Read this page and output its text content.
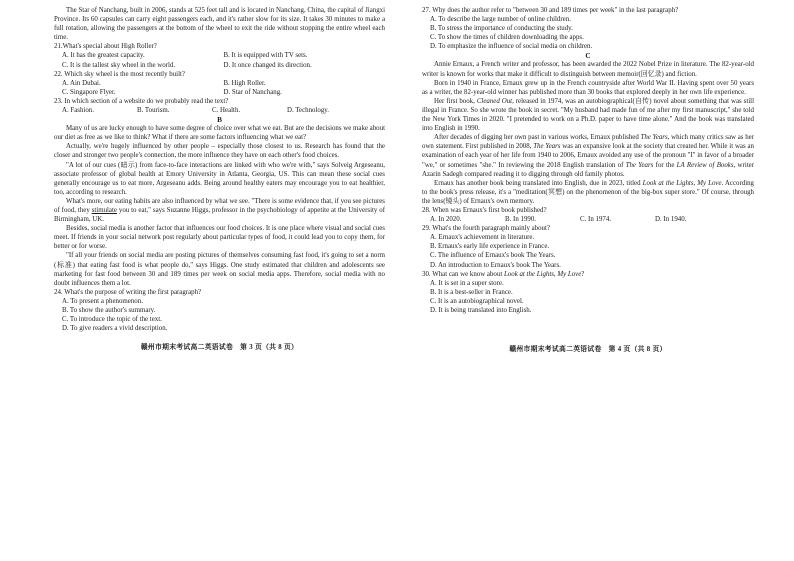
The Star of Nanchang, built in 2006, stands at 525 feet tall and is located in Nanchang, China, the capital of Jiangxi Province. Its 60 capsules can carry eight passengers each, and it's rather slow for its size. It takes 30 minutes to make a full rotation, allowing the passengers at the bottom of the wheel to exit the ride without stopping the entire wheel each time.

21.What's special about High Roller?

A. It has the greatest capacity.	B. It is equipped with TV sets.
C. It is the tallest sky wheel in the world.	D. It once changed its direction.

22. Which sky wheel is the most recently built?

A. Ain Dubai.	B. High Roller.
C. Singapore Flyer.	D. Star of Nanchang.

23. In which section of a website do we probably read the text?

A. Fashion.	B. Tourism.	C. Health.	D. Technology.

B

Many of us are lucky enough to have some degree of choice over what we eat. But are the decisions we make about our diet as free as we like to think? What if there are some factors influencing what we eat?

Actually, we're hugely influenced by other people – especially those closest to us. Research has found that the closer and stronger two people's connection, the more influence they have on each other's food choices.

"A lot of our cues (暗示) from face-to-face interactions are linked with who we're with," says Solveig Argeseanu, associate professor of global health at Emory University in Atlanta, Georgia, US. This can mean these social cues generally encourage us to eat more, Argeseanu adds. Being around healthy eaters may encourage you to eat healthier, too, according to research.

What's more, our eating habits are also influenced by what we see. "There is some evidence that, if you see pictures of food, they stimulate you to eat," says Suzanne Higgs, professor in the psychobiology of appetite at the University of Birmingham, UK.

Besides, social media is another factor that influences our food choices. It is one place where visual and social cues meet. If friends in your social network post regularly about particular types of food, it could lead you to copy them, for better or for worse.

"If all your friends on social media are posting pictures of themselves consuming fast food, it's going to set a norm (标准) that eating fast food is what people do," says Higgs. One study estimated that children and adolescents see marketing for fast food between 30 and 189 times per week on social media apps. Therefore, social media with no doubt influences them a lot.

24. What's the purpose of writing the first paragraph?

A. To present a phenomenon.

B. To show the author's summary.

C. To introduce the topic of the text.

D. To give readers a vivid description.

赣州市期末考试高二英语试卷　第 3 页（共 8 页）

27. Why does the author refer to "between 30 and 189 times per week" in the last paragraph?

A. To describe the large number of online children.

B. To stress the importance of conducting the study.

C. To show the times of children downloading the apps.

D. To emphasize the influence of social media on children.

C

Annie Ernaux, a French writer and professor, has been awarded the 2022 Nobel Prize in literature. The 82-year-old writer is known for works that make it difficult to distinguish between memoir(回忆录) and fiction.

Born in 1940 in France, Ernaux grew up in the French countryside after World War II. Having spent over 50 years as a writer, the 82-year-old winner has published more than 30 books that explored deeply in her own life experience.

Her first book, Cleaned Out, released in 1974, was an autobiographical(自传) novel about something that was still illegal in France. So she wrote the book in secret. "My husband had made fun of me after my first manuscript," she told the New York Times in 2020. "I pretended to work on a Ph.D. paper to have time alone." And the book was translated into English in 1990.

After decades of digging her own past in various works, Ernaux published The Years, which many critics saw as her own statement. First published in 2008, The Years was an expansive look at the society that created her. While it was an examination of each year of her life from 1940 to 2006, Ernaux avoided any use of the pronoun "I" in favor of a broader "we," or sometimes "she." In reviewing the 2018 English translation of The Years for the LA Review of Books, writer Azarin Sadegh compared reading it to digging through old family photos.

Ernaux has another book being translated into English, due in 2023, titled Look at the Lights, My Love. According to the book's press release, it's a "meditation(冥想) on the phenomenon of the big-box super store." Of course, through the lens(镜头) of Ernaux's own memory.

28. When was Ernaux's first book published?

A. In 2020.	B. In 1990.	C. In 1974.	D. In 1940.

29. What's the fourth paragraph mainly about?

A. Ernaux's achievement in literature.

B. Ernaux's early life experience in France.

C. The influence of Ernaux's book The Years.

D. An introduction to Ernaux's book The Years.

30. What can we know about Look at the Lights, My Love?

A. It is set in a super store.

B. It is a best-seller in France.

C. It is an autobiographical novel.

D. It is being translated into English.

赣州市期末考试高二英语试卷　第 4 页（共 8 页）
